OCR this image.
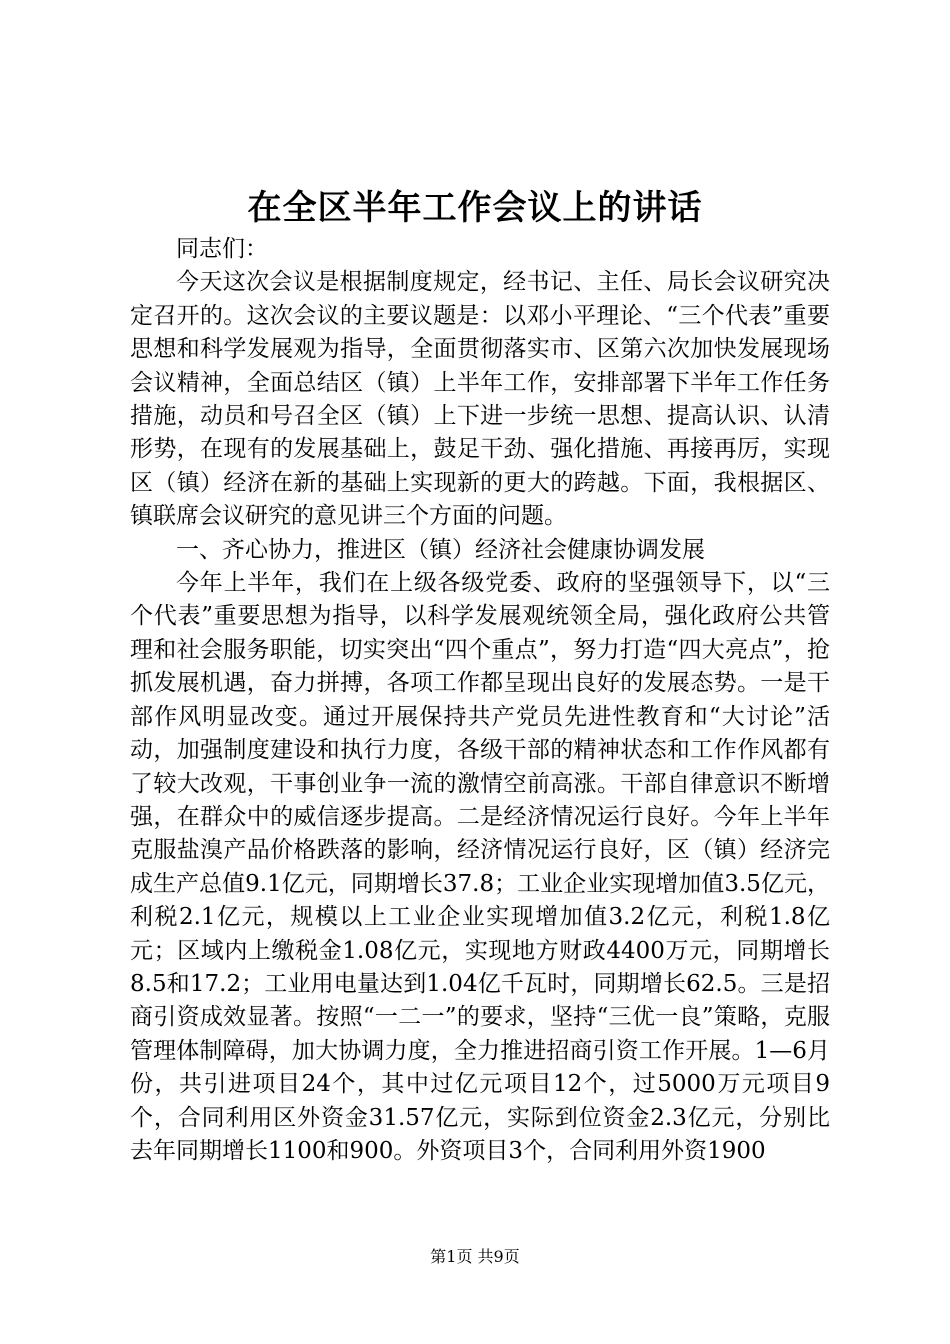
在全区半年工作会议上的讲话

同志们：

今天这次会议是根据制度规定，经书记、主任、局长会议研究决定召开的。这次会议的主要议题是：以邓小平理论、“三个代表”重要思想和科学发展观为指导，全面贯彻落实市、区第六次加快发展现场会议精神，全面总结区（镇）上半年工作，安排部署下半年工作任务措施，动员和号召全区（镇）上下进一步统一思想、提高认识、认清形势，在现有的发展基础上，鼓足干劲、强化措施、再接再厉，实现区（镇）经济在新的基础上实现新的更大的跨越。下面，我根据区、镇联席会议研究的意见讲三个方面的问题。

一、齐心协力，推进区（镇）经济社会健康协调发展

今年上半年，我们在上级各级党委、政府的坚强领导下，以“三个代表”重要思想为指导，以科学发展观统领全局，强化政府公共管理和社会服务职能，切实突出“四个重点”，努力打造“四大亮点”，抢抓发展机遇，奋力拼搏，各项工作都呈现出良好的发展态势。一是干部作风明显改变。通过开展保持共产党员先进性教育和“大讨论”活动，加强制度建设和执行力度，各级干部的精神状态和工作作风都有了较大改观，干事创业争一流的激情空前高涨。干部自律意识不断增强，在群众中的威信逐步提高。二是经济情况运行良好。今年上半年克服盐溴产品价格跌落的影响，经济情况运行良好，区（镇）经济完成生产总值9.1亿元，同期增长37.8；工业企业实现增加值3.5亿元，利税2.1亿元，规模以上工业企业实现增加值3.2亿元，利税1.8亿元；区域内上缴税金1.08亿元，实现地方财政4400万元，同期增长8.5和17.2；工业用电量达到1.04亿千瓦时，同期增长62.5。三是招商引资成效显著。按照“一二一”的要求，坚持“三优一良”策略，克服管理体制障碍，加大协调力度，全力推进招商引资工作开展。1—6月份，共引进项目24个，其中过亿元项目12个，过5000万元项目9个，合同利用区外资金31.57亿元，实际到位资金2.3亿元，分别比去年同期增长1100和900。外资项目3个，合同利用外资1900

第1页 共9页
